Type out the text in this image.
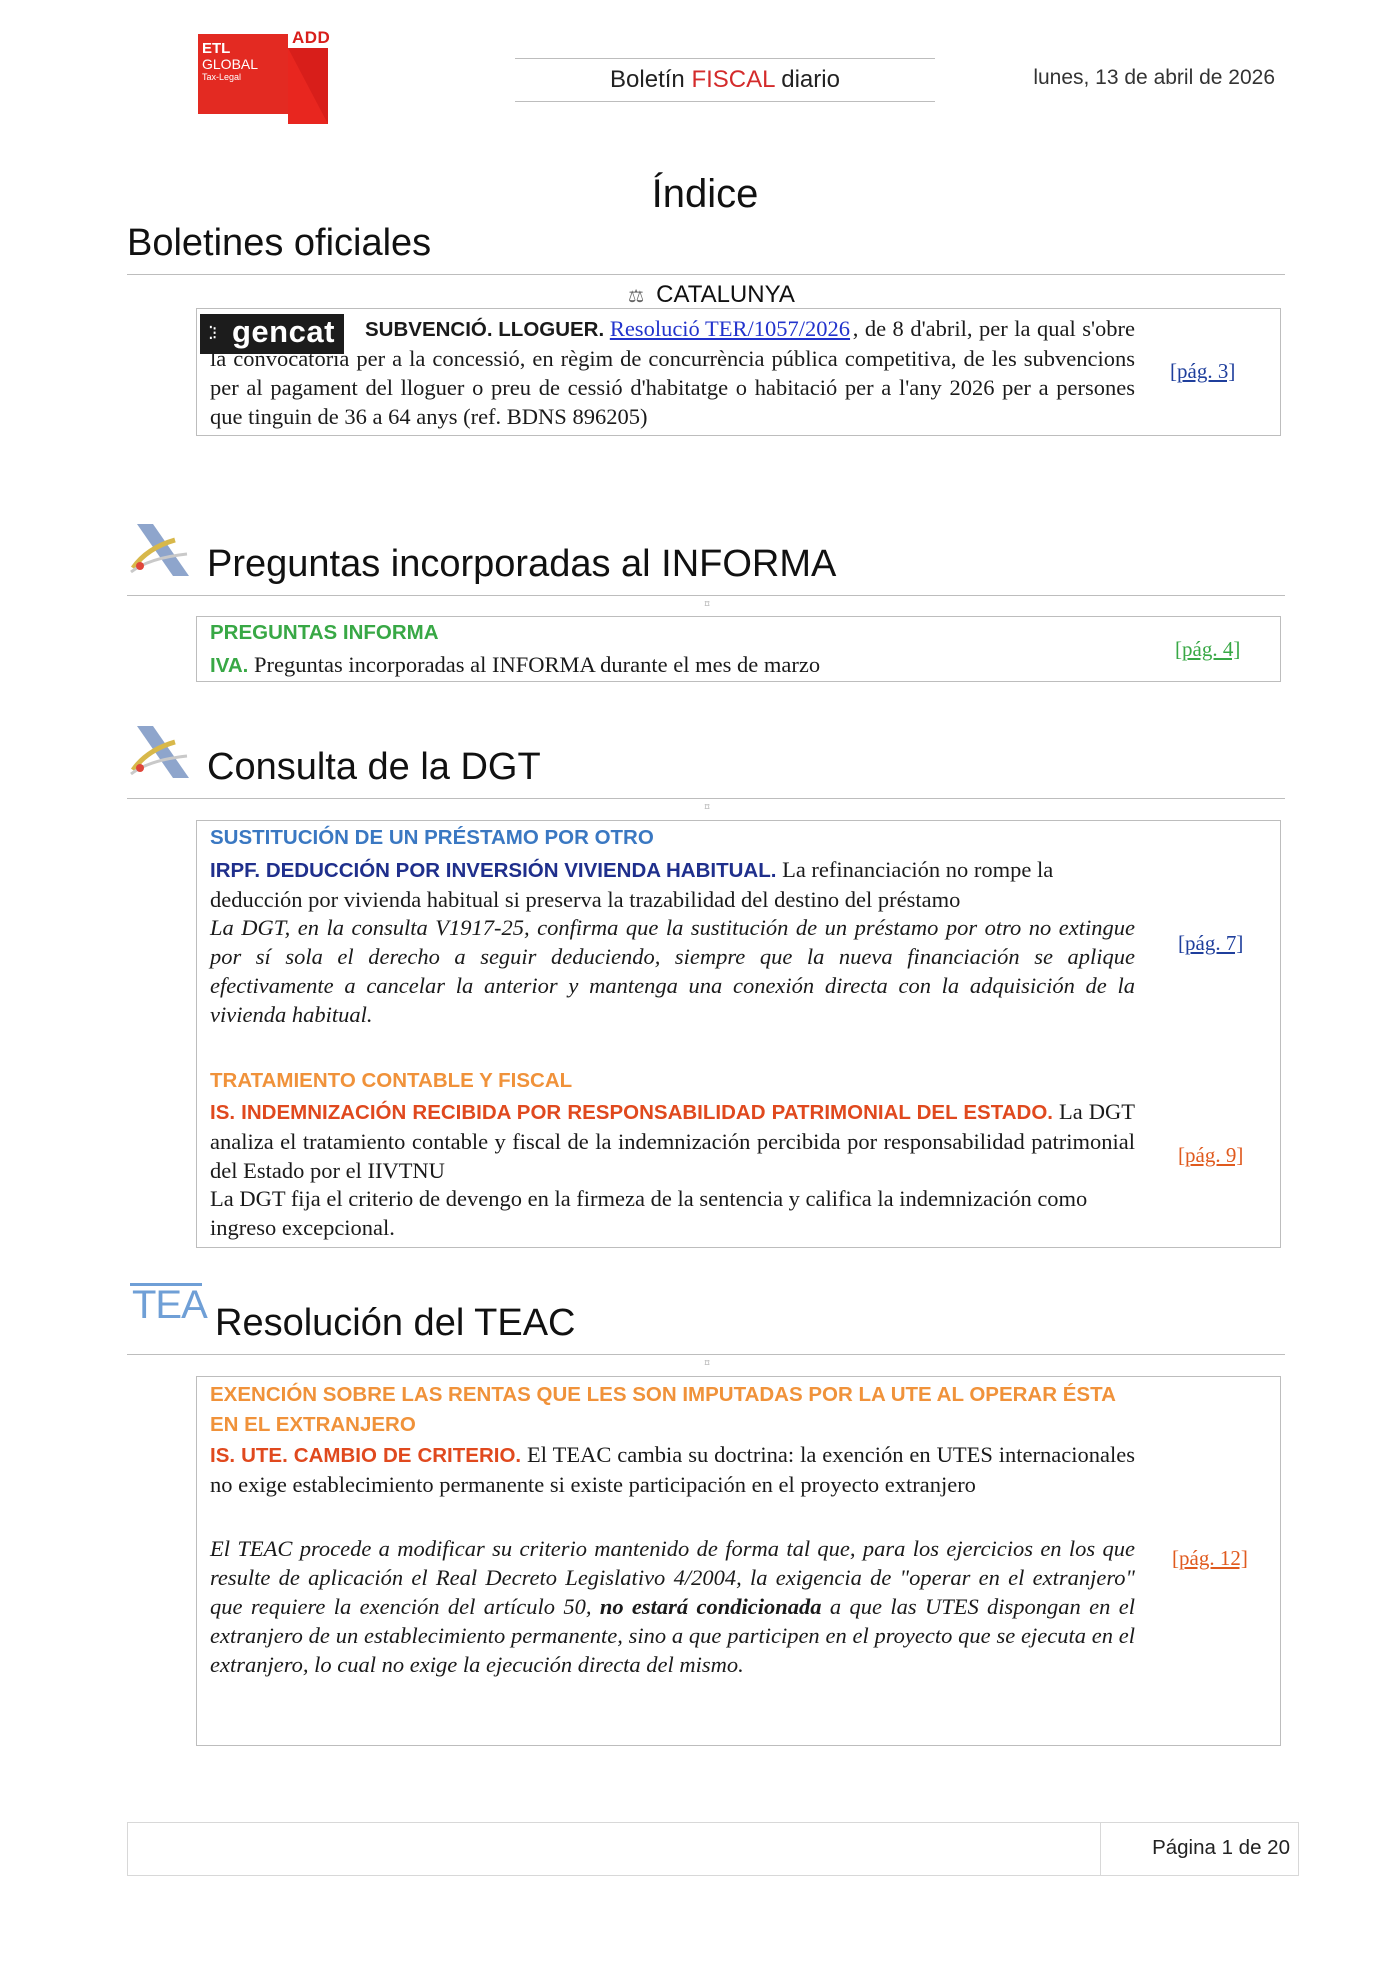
ADD
ETL
GLOBAL
Tax-Legal	Boletín FISCAL diario	lunes, 13 de abril de 2026
Índice
Boletines oficiales
⚖ CATALUNYA
⁚⁝ gencat SUBVENCIÓ. LLOGUER. Resolució TER/1057/2026 , de 8 d'abril, per la qual s'obre la convocatòria per a la concessió, en règim de concurrència pública competitiva, de les subvencions per al pagament del lloguer o preu de cessió d'habitatge o habitació per a l'any 2026 per a persones que tinguin de 36 a 64 anys (ref. BDNS 896205)

[pág. 3]
Preguntas incorporadas al INFORMA
⌑
PREGUNTAS INFORMA
IVA. Preguntas incorporadas al INFORMA durante el mes de marzo
[pág. 4]
Consulta de la DGT
⌑
SUSTITUCIÓN DE UN PRÉSTAMO POR OTRO

IRPF. DEDUCCIÓN POR INVERSIÓN VIVIENDA HABITUAL. La refinanciación no rompe la deducción por vivienda habitual si preserva la trazabilidad del destino del préstamo

La DGT, en la consulta V1917-25, confirma que la sustitución de un préstamo por otro no extingue por sí sola el derecho a seguir deduciendo, siempre que la nueva financiación se aplique efectivamente a cancelar la anterior y mantenga una conexión directa con la adquisición de la vivienda habitual.

[pág. 7]
TRATAMIENTO CONTABLE Y FISCAL

IS. INDEMNIZACIÓN RECIBIDA POR RESPONSABILIDAD PATRIMONIAL DEL ESTADO. La DGT analiza el tratamiento contable y fiscal de la indemnización percibida por responsabilidad patrimonial del Estado por el IIVTNU

La DGT fija el criterio de devengo en la firmeza de la sentencia y califica la indemnización como ingreso excepcional.

[pág. 9]
TEA Resolución del TEAC
⌑
EXENCIÓN SOBRE LAS RENTAS QUE LES SON IMPUTADAS POR LA UTE AL OPERAR ÉSTA EN EL EXTRANJERO

IS. UTE. CAMBIO DE CRITERIO. El TEAC cambia su doctrina: la exención en UTES internacionales no exige establecimiento permanente si existe participación en el proyecto extranjero

El TEAC procede a modificar su criterio mantenido de forma tal que, para los ejercicios en los que resulte de aplicación el Real Decreto Legislativo 4/2004, la exigencia de "operar en el extranjero" que requiere la exención del artículo 50, no estará condicionada a que las UTES dispongan en el extranjero de un establecimiento permanente, sino a que participen en el proyecto que se ejecuta en el extranjero, lo cual no exige la ejecución directa del mismo.

[pág. 12]
Página 1 de 20
